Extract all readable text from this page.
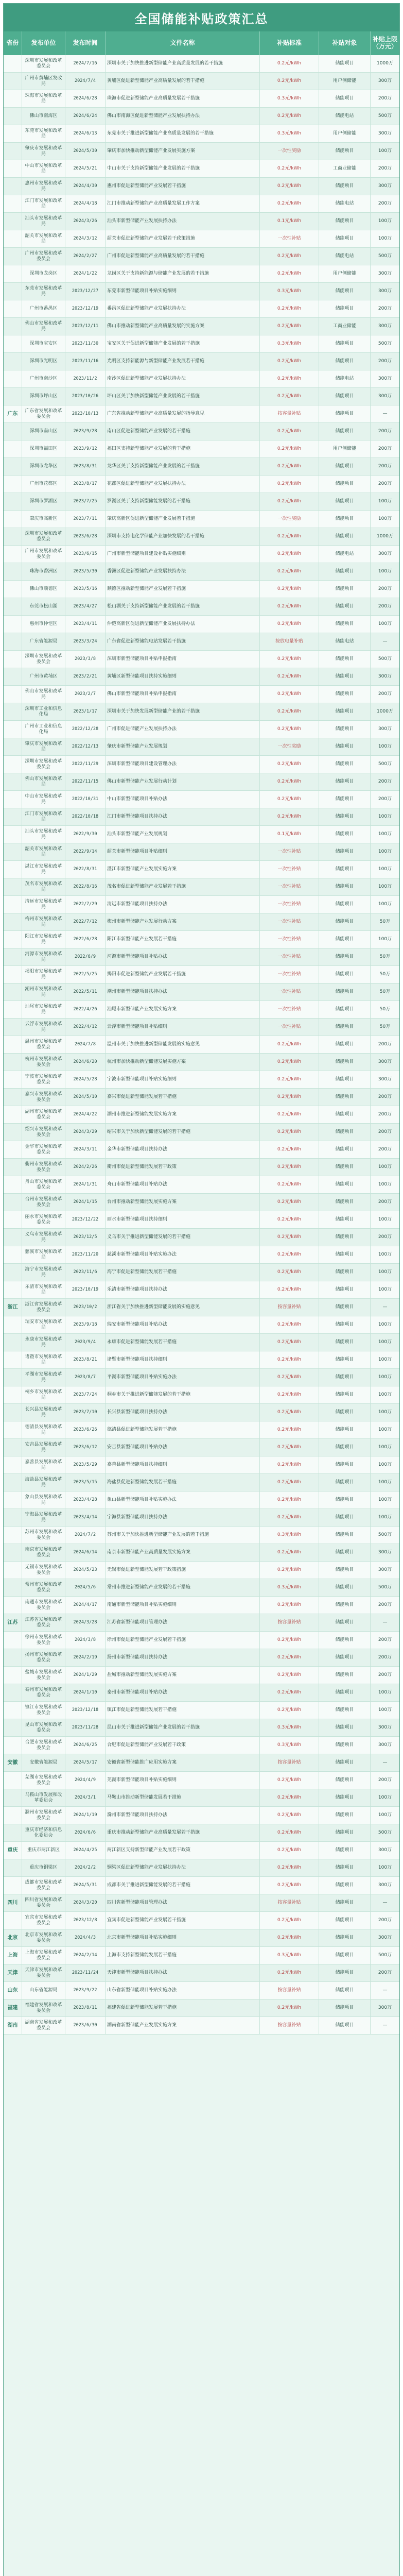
全国储能补贴政策汇总
省份	发布单位	发布时间	文件名称	补贴标准	补贴对象	补贴上限（万元）
深圳市发展和改革委员会
2024/7/16	深圳市关于加快推进新型储能产业高质量发展的若干措施	0.2元/kWh	储能项目	1000万
广州市黄埔区发改局
2024/7/4	黄埔区促进新型储能产业高质量发展的若干措施	0.2元/kWh	用户侧储能	300万
珠海市发展和改革局
2024/6/28	珠海市促进新型储能产业高质量发展若干措施	0.3元/kWh	储能项目	200万
佛山市南海区	2024/6/24	佛山市南海区促进新型储能产业发展扶持办法	0.2元/kWh	储能电站	500万
东莞市发展和改革局
2024/6/13	东莞市关于推进新型储能产业高质量发展的若干措施	0.3元/kWh	用户侧储能	300万
肇庆市发展和改革局
2024/5/30	肇庆市加快推动新型储能产业发展实施方案	一次性奖励	储能项目	100万
中山市发展和改革局
2024/5/21	中山市关于支持新型储能产业发展的若干措施	0.2元/kWh	工商业储能	200万
惠州市发展和改革局
2024/4/30	惠州市促进新型储能产业发展若干措施	0.2元/kWh	储能项目	300万
江门市发展和改革局
2024/4/18	江门市推动新型储能产业高质量发展工作方案	0.2元/kWh	储能电站	200万
汕头市发展和改革局
2024/3/26	汕头市新型储能产业发展扶持办法	0.1元/kWh	储能项目	100万
韶关市发展和改革局
2024/3/12	韶关市促进新型储能产业发展若干政策措施	一次性补贴	储能项目	100万
广州市发展和改革委员会
2024/2/27	广州市促进新型储能产业高质量发展的若干措施	0.2元/kWh	储能电站	500万
深圳市龙岗区	2024/1/22	龙岗区关于支持新能源与储能产业发展的若干措施	0.2元/kWh	用户侧储能	300万
东莞市发展和改革局
2023/12/27	东莞市新型储能项目补贴实施细则	0.3元/kWh	储能项目	300万
广州市番禺区	2023/12/19	番禺区促进新型储能产业发展扶持办法	0.2元/kWh	储能项目	200万
佛山市发展和改革局
2023/12/11	佛山市推动新型储能产业高质量发展的实施方案	0.2元/kWh	工商业储能	300万
深圳市宝安区	2023/11/30	宝安区关于促进新型储能产业发展的若干措施	0.3元/kWh	储能项目	500万
深圳市光明区	2023/11/16	光明区支持新能源与新型储能产业发展若干措施	0.2元/kWh	储能项目	200万
广州市南沙区	2023/11/2	南沙区促进新型储能产业发展扶持办法	0.2元/kWh	储能电站	300万
深圳市坪山区	2023/10/26	坪山区关于加快新型储能产业发展的若干措施	0.2元/kWh	储能项目	300万
广东	广东省发展和改革委员会
2023/10/13	广东省推动新型储能产业高质量发展的指导意见	按容量补贴	储能项目	—
深圳市南山区	2023/9/28	南山区促进新型储能产业发展的若干措施	0.2元/kWh	储能项目	200万
深圳市福田区	2023/9/12	福田区支持新型储能产业发展的若干措施	0.2元/kWh	用户侧储能	200万
深圳市龙华区	2023/8/31	龙华区关于支持新型储能产业发展的若干措施	0.2元/kWh	储能项目	200万
广州市花都区	2023/8/17	花都区促进新型储能产业发展扶持办法	0.2元/kWh	储能项目	200万
深圳市罗湖区	2023/7/25	罗湖区关于支持新型储能发展的若干措施	0.2元/kWh	储能项目	100万
肇庆市高新区	2023/7/11	肇庆高新区促进新型储能产业发展若干措施	一次性奖励	储能项目	100万
深圳市发展和改革委员会
2023/6/28	深圳市支持电化学储能产业加快发展的若干措施	0.2元/kWh	储能项目	1000万
广州市发展和改革委员会
2023/6/15	广州市新型储能项目建设补贴实施细则	0.2元/kWh	储能电站	300万
珠海市香洲区	2023/5/30	香洲区促进新型储能产业发展扶持办法	0.2元/kWh	储能项目	100万
佛山市顺德区	2023/5/16	顺德区推动新型储能产业发展若干措施	0.2元/kWh	储能项目	200万
东莞市松山湖	2023/4/27	松山湖关于支持新型储能产业发展的若干措施	0.2元/kWh	储能项目	200万
惠州市仲恺区	2023/4/11	仲恺高新区促进新型储能产业发展扶持办法	0.2元/kWh	储能项目	100万
广东省能源局	2023/3/24	广东省促进新型储能电站发展若干措施	按放电量补贴	储能电站	—
深圳市发展和改革委员会
2023/3/8	深圳市新型储能项目补贴申报指南	0.2元/kWh	储能项目	500万
广州市黄埔区	2023/2/21	黄埔区新型储能项目扶持实施细则	0.2元/kWh	储能项目	300万
佛山市发展和改革局
2023/2/7	佛山市新型储能项目补贴申报指南	0.2元/kWh	储能项目	200万
深圳市工业和信息化局
2023/1/17	深圳市关于加快发展新型储能产业的若干措施	0.2元/kWh	储能项目	1000万
广州市工业和信息化局
2022/12/28	广州市促进储能产业发展扶持办法	0.2元/kWh	储能项目	300万
肇庆市发展和改革局
2022/12/13	肇庆市新型储能产业发展规划	一次性奖励	储能项目	100万
深圳市发展和改革委员会
2022/11/29	深圳市新型储能项目建设管理办法	0.2元/kWh	储能项目	500万
佛山市发展和改革局
2022/11/15	佛山市新型储能产业发展行动计划	0.2元/kWh	储能项目	200万
中山市发展和改革局
2022/10/31	中山市新型储能项目补贴办法	0.2元/kWh	储能项目	200万
江门市发展和改革局
2022/10/18	江门市新型储能项目扶持办法	0.2元/kWh	储能项目	100万
汕头市发展和改革局
2022/9/30	汕头市新型储能产业发展规划	0.1元/kWh	储能项目	100万
韶关市发展和改革局
2022/9/14	韶关市新型储能项目补贴细则	一次性补贴	储能项目	100万
湛江市发展和改革局
2022/8/31	湛江市新型储能产业发展实施方案	一次性补贴	储能项目	100万
茂名市发展和改革局
2022/8/16	茂名市促进新型储能产业发展若干措施	一次性补贴	储能项目	100万
清远市发展和改革局
2022/7/29	清远市新型储能项目扶持办法	一次性补贴	储能项目	100万
梅州市发展和改革局
2022/7/12	梅州市新型储能产业发展行动方案	一次性补贴	储能项目	50万
阳江市发展和改革局
2022/6/28	阳江市新型储能产业发展若干措施	一次性补贴	储能项目	100万
河源市发展和改革局
2022/6/9	河源市新型储能项目补贴办法	一次性补贴	储能项目	50万
揭阳市发展和改革局
2022/5/25	揭阳市促进新型储能产业发展若干措施	一次性补贴	储能项目	50万
潮州市发展和改革局
2022/5/11	潮州市新型储能项目扶持办法	一次性补贴	储能项目	50万
汕尾市发展和改革局
2022/4/26	汕尾市新型储能产业发展实施方案	一次性补贴	储能项目	50万
云浮市发展和改革局
2022/4/12	云浮市新型储能项目补贴细则	一次性补贴	储能项目	50万
温州市发展和改革委员会
2024/7/8	温州市关于加快推进新型储能发展的实施意见	0.2元/kWh	储能项目	200万
杭州市发展和改革委员会
2024/6/20	杭州市加快推动新型储能发展实施方案	0.2元/kWh	储能项目	300万
宁波市发展和改革委员会
2024/5/28	宁波市新型储能项目补贴实施细则	0.2元/kWh	储能项目	300万
嘉兴市发展和改革委员会
2024/5/10	嘉兴市促进新型储能发展若干措施	0.2元/kWh	储能项目	200万
湖州市发展和改革委员会
2024/4/22	湖州市推进新型储能发展实施方案	0.2元/kWh	储能项目	200万
绍兴市发展和改革委员会
2024/3/29	绍兴市关于加快新型储能发展的若干措施	0.2元/kWh	储能项目	200万
金华市发展和改革委员会
2024/3/11	金华市新型储能项目扶持办法	0.2元/kWh	储能项目	200万
衢州市发展和改革委员会
2024/2/26	衢州市促进新型储能发展若干政策	0.2元/kWh	储能项目	100万
舟山市发展和改革委员会
2024/1/31	舟山市新型储能项目补贴办法	0.2元/kWh	储能项目	100万
台州市发展和改革委员会
2024/1/15	台州市推动新型储能发展实施方案	0.2元/kWh	储能项目	200万
丽水市发展和改革委员会
2023/12/22	丽水市新型储能项目扶持细则	0.2元/kWh	储能项目	100万
义乌市发展和改革局
2023/12/5	义乌市关于推进新型储能发展的若干措施	0.2元/kWh	储能项目	200万
慈溪市发展和改革局
2023/11/20	慈溪市新型储能项目补贴实施办法	0.2元/kWh	储能项目	100万
海宁市发展和改革局
2023/11/6	海宁市促进新型储能发展若干措施	0.2元/kWh	储能项目	100万
乐清市发展和改革局
2023/10/19	乐清市新型储能项目扶持办法	0.2元/kWh	储能项目	100万
浙江	浙江省发展和改革委员会
2023/10/2	浙江省关于加快推进新型储能发展的实施意见	按容量补贴	储能项目	—
瑞安市发展和改革局
2023/9/18	瑞安市新型储能项目补贴办法	0.2元/kWh	储能项目	100万
永康市发展和改革局
2023/9/4	永康市促进新型储能发展若干措施	0.2元/kWh	储能项目	100万
诸暨市发展和改革局
2023/8/21	诸暨市新型储能项目扶持细则	0.2元/kWh	储能项目	100万
平湖市发展和改革局
2023/8/7	平湖市新型储能项目补贴实施办法	0.2元/kWh	储能项目	100万
桐乡市发展和改革局
2023/7/24	桐乡市关于推进新型储能发展的若干措施	0.2元/kWh	储能项目	100万
长兴县发展和改革局
2023/7/10	长兴县新型储能项目扶持办法	0.2元/kWh	储能项目	100万
德清县发展和改革局
2023/6/26	德清县促进新型储能发展若干措施	0.2元/kWh	储能项目	100万
安吉县发展和改革局
2023/6/12	安吉县新型储能项目补贴办法	0.2元/kWh	储能项目	100万
嘉善县发展和改革局
2023/5/29	嘉善县新型储能项目扶持细则	0.2元/kWh	储能项目	100万
海盐县发展和改革局
2023/5/15	海盐县促进新型储能发展若干措施	0.2元/kWh	储能项目	100万
象山县发展和改革局
2023/4/28	象山县新型储能项目补贴实施办法	0.2元/kWh	储能项目	100万
宁海县发展和改革局
2023/4/14	宁海县新型储能项目扶持办法	0.2元/kWh	储能项目	100万
苏州市发展和改革委员会
2024/7/2	苏州市关于加快推进新型储能产业发展的若干措施	0.3元/kWh	储能项目	500万
南京市发展和改革委员会
2024/6/14	南京市新型储能产业高质量发展实施方案	0.2元/kWh	储能项目	300万
无锡市发展和改革委员会
2024/5/23	无锡市促进新型储能发展若干政策措施	0.2元/kWh	储能项目	300万
常州市发展和改革委员会
2024/5/6	常州市推进新型储能产业发展的若干措施	0.3元/kWh	储能项目	500万
南通市发展和改革委员会
2024/4/17	南通市新型储能项目补贴实施细则	0.2元/kWh	储能项目	200万
江苏	江苏省发展和改革委员会
2024/3/28	江苏省新型储能项目管理办法	按容量补贴	储能项目	—
徐州市发展和改革委员会
2024/3/8	徐州市促进新型储能产业发展若干措施	0.2元/kWh	储能项目	200万
扬州市发展和改革委员会
2024/2/19	扬州市新型储能项目扶持办法	0.2元/kWh	储能项目	200万
盐城市发展和改革委员会
2024/1/29	盐城市推动新型储能发展实施方案	0.2元/kWh	储能项目	200万
泰州市发展和改革委员会
2024/1/10	泰州市新型储能项目补贴办法	0.2元/kWh	储能项目	100万
镇江市发展和改革委员会
2023/12/18	镇江市促进新型储能发展若干措施	0.2元/kWh	储能项目	100万
昆山市发展和改革委员会
2023/11/28	昆山市关于推进新型储能产业发展的若干措施	0.3元/kWh	储能项目	300万
合肥市发展和改革委员会
2024/6/25	合肥市促进新型储能产业发展若干政策	0.3元/kWh	储能项目	300万
安徽	安徽省能源局	2024/5/17	安徽省新型储能推广应用实施方案	按容量补贴	储能项目	—
芜湖市发展和改革委员会
2024/4/9	芜湖市新型储能项目补贴实施细则	0.2元/kWh	储能项目	200万
马鞍山市发展和改革委员会
2024/3/1	马鞍山市推动新型储能发展若干措施	0.2元/kWh	储能项目	100万
滁州市发展和改革委员会
2024/1/19	滁州市新型储能项目扶持办法	0.2元/kWh	储能项目	100万
重庆市经济和信息化委员会
2024/6/6	重庆市推动新型储能产业高质量发展若干措施	0.2元/kWh	储能项目	500万
重庆	重庆市两江新区	2024/4/25	两江新区支持新型储能产业发展若干政策	0.2元/kWh	储能项目	300万
重庆市铜梁区	2024/2/2	铜梁区促进新型储能产业发展扶持办法	0.2元/kWh	储能项目	100万
成都市发展和改革委员会
2024/5/31	成都市关于推进新型储能发展的若干措施	0.2元/kWh	储能项目	300万
四川	四川省发展和改革委员会
2024/3/20	四川省新型储能项目管理办法	按容量补贴	储能项目	—
宜宾市发展和改革委员会
2023/12/8	宜宾市促进新型储能产业发展若干措施	0.2元/kWh	储能项目	200万
北京	北京市发展和改革委员会
2024/4/3	北京市新型储能项目补贴实施细则	0.2元/kWh	储能项目	300万
上海	上海市发展和改革委员会
2024/2/14	上海市支持新型储能发展若干措施	0.3元/kWh	储能项目	500万
天津	天津市发展和改革委员会
2023/11/24	天津市新型储能项目扶持办法	0.2元/kWh	储能项目	200万
山东	山东省能源局	2023/9/22	山东省新型储能项目补贴实施办法	按容量补贴	储能项目	—
福建	福建省发展和改革委员会
2023/8/11	福建省促进新型储能发展若干措施	0.2元/kWh	储能项目	300万
湖南	湖南省发展和改革委员会
2023/6/30	湖南省新型储能产业发展实施方案	按容量补贴	储能项目	—
